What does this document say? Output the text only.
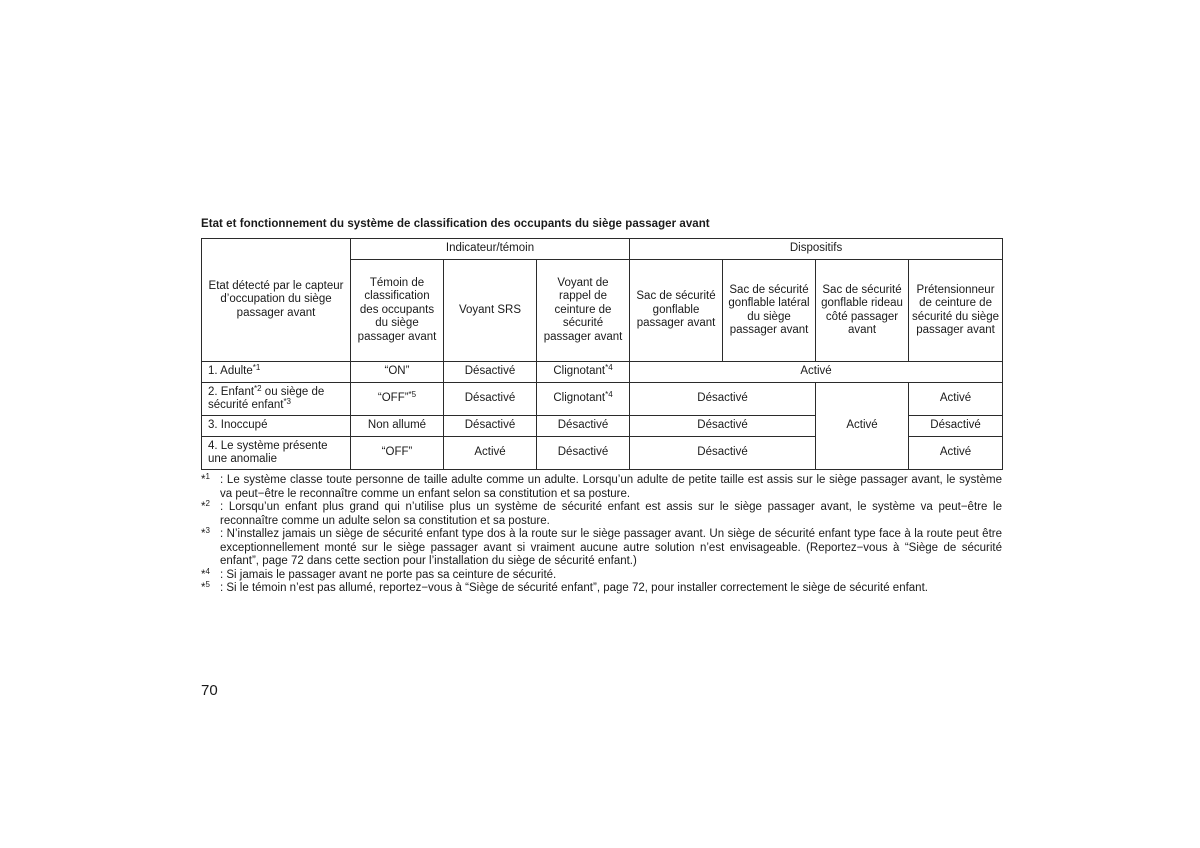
Etat et fonctionnement du système de classification des occupants du siège passager avant
Etat détecté par le capteur d’occupation du siège passager avant	Indicateur/témoin			Dispositifs			
	Témoin de classification des occupants du siège passager avant	Voyant SRS	Voyant de rappel de ceinture de sécurité passager avant	Sac de sécurité gonflable passager avant	Sac de sécurité gonflable latéral du siège passager avant	Sac de sécurité gonflable rideau côté passager avant	Prétensionneur de ceinture de sécurité du siège passager avant
1. Adulte$^{*1}$	“ON”	Désactivé	Clignotant$^{*4}$	Activé			
2. Enfant$^{*2}$ ou siège de sécurité enfant$^{*3}$	“OFF”$^{*5}$	Désactivé	Clignotant$^{*4}$	Désactivé		Activé	Activé
3. Inoccupé	Non allumé	Désactivé	Désactivé	Désactivé			Désactivé
4. Le système présente une anomalie	“OFF”	Activé	Désactivé	Désactivé			Activé
*$^1$ : Le système classe toute personne de taille adulte comme un adulte. Lorsqu’un adulte de petite taille est assis sur le siège passager avant, le système va peut−être le reconnaître comme un enfant selon sa constitution et sa posture.
*$^2$ : Lorsqu’un enfant plus grand qui n’utilise plus un système de sécurité enfant est assis sur le siège passager avant, le système va peut−être le reconnaître comme un adulte selon sa constitution et sa posture.
*$^3$ : N’installez jamais un siège de sécurité enfant type dos à la route sur le siège passager avant. Un siège de sécurité enfant type face à la route peut être exceptionnellement monté sur le siège passager avant si vraiment aucune autre solution n’est envisageable. (Reportez−vous à “Siège de sécurité enfant”, page 72 dans cette section pour l’installation du siège de sécurité enfant.)
*$^4$ : Si jamais le passager avant ne porte pas sa ceinture de sécurité.
*$^5$ : Si le témoin n’est pas allumé, reportez−vous à “Siège de sécurité enfant”, page 72, pour installer correctement le siège de sécurité enfant.
70
